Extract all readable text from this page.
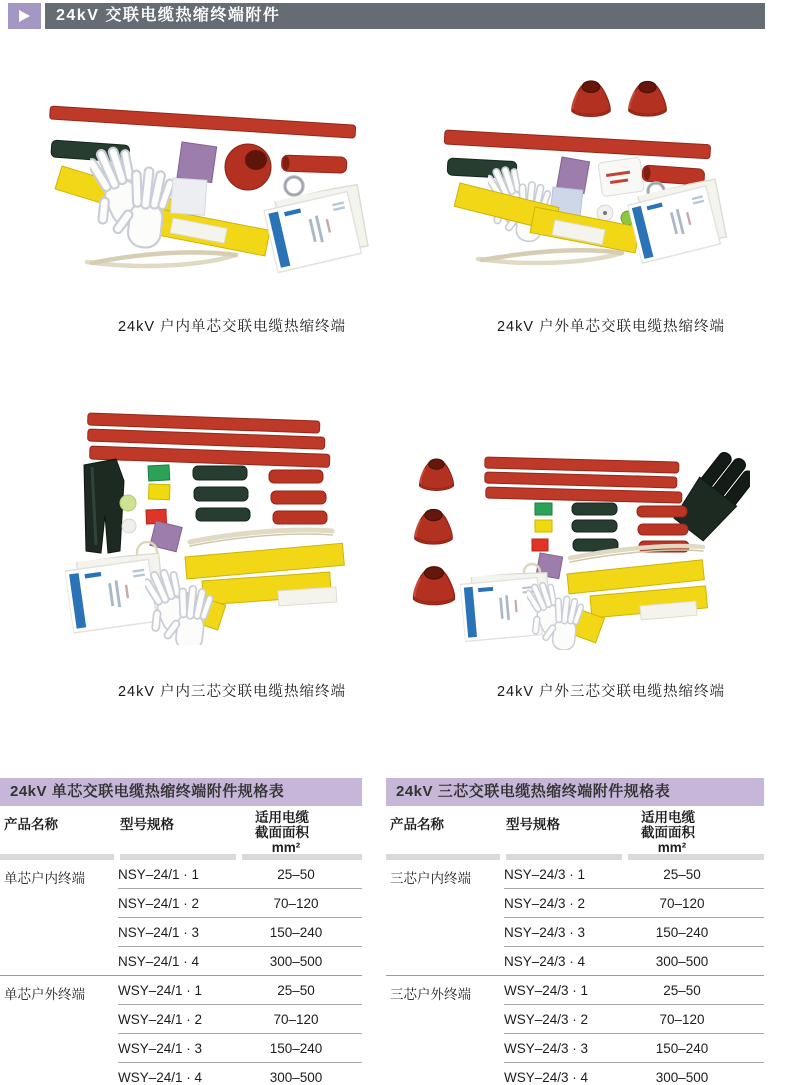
24kV 交联电缆热缩终端附件
24kV 户内单芯交联电缆热缩终端	24kV 户外单芯交联电缆热缩终端
24kV 户内三芯交联电缆热缩终端	24kV 户外三芯交联电缆热缩终端
24kV 单芯交联电缆热缩终端附件规格表
产品名称	型号规格	适用电缆
截面面积
mm²
单芯户内终端 NSY–24/1 · 1	25–50
NSY–24/1 · 2	70–120
NSY–24/1 · 3	150–240
NSY–24/1 · 4	300–500
单芯户外终端 WSY–24/1 · 1	25–50
WSY–24/1 · 2	70–120
WSY–24/1 · 3	150–240
WSY–24/1 · 4	300–500
24kV 三芯交联电缆热缩终端附件规格表
产品名称	型号规格	适用电缆
截面面积
mm²
三芯户内终端 NSY–24/3 · 1	25–50
NSY–24/3 · 2	70–120
NSY–24/3 · 3	150–240
NSY–24/3 · 4	300–500
三芯户外终端 WSY–24/3 · 1	25–50
WSY–24/3 · 2	70–120
WSY–24/3 · 3	150–240
WSY–24/3 · 4	300–500
